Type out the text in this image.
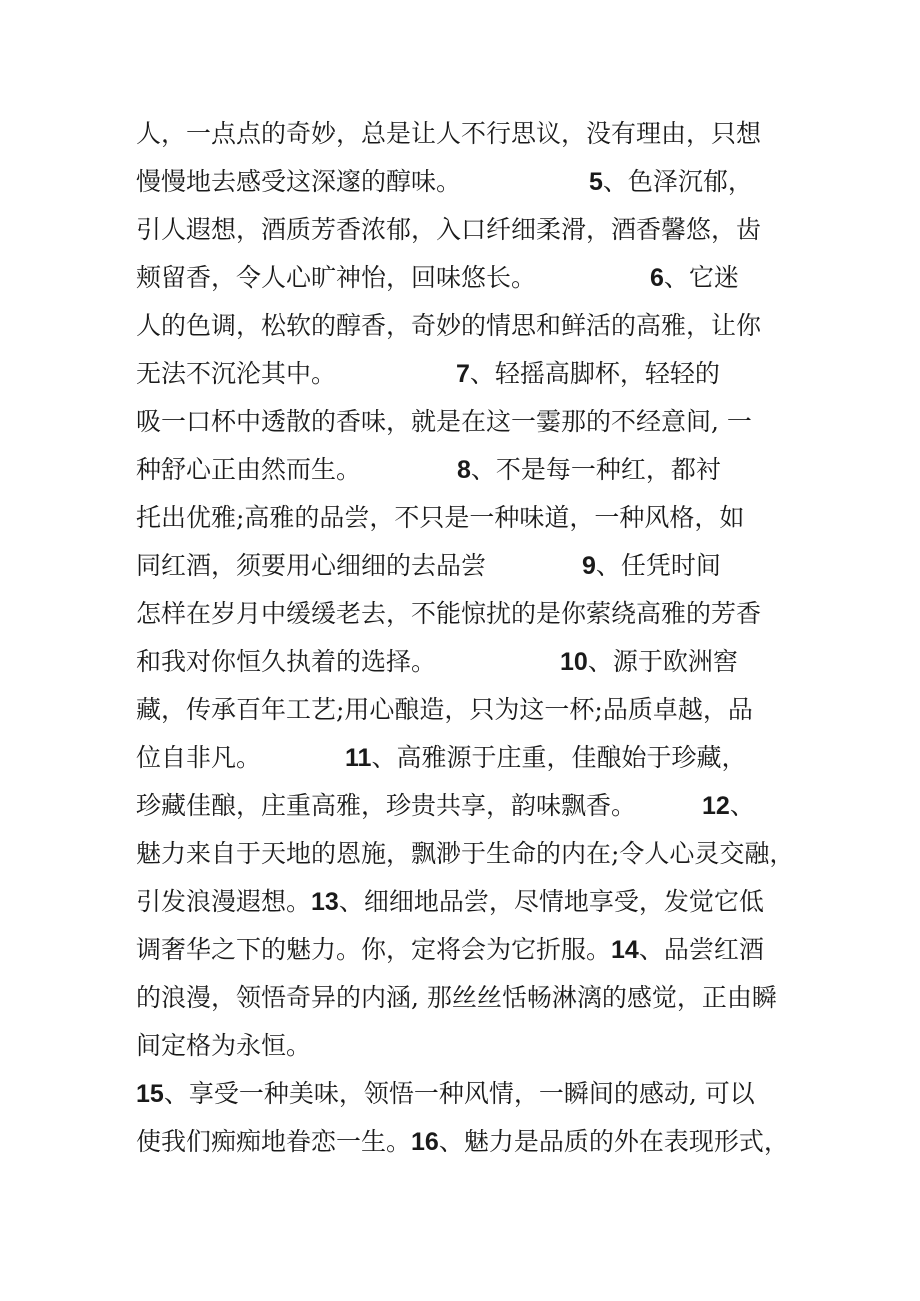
人，一点点的奇妙，总是让人不行思议，没有理由，只想
慢慢地去感受这深邃的醇味。	5、色泽沉郁，
引人遐想，酒质芳香浓郁，入口纤细柔滑，酒香馨悠，齿
颊留香，令人心旷神怡，回味悠长。	6、它迷
人的色调，松软的醇香，奇妙的情思和鲜活的高雅，让你
无法不沉沦其中。	7、轻摇高脚杯，轻轻的
吸一口杯中透散的香味，就是在这一霎那的不经意间, 一
种舒心正由然而生。	8、不是每一种红，都衬
托出优雅;高雅的品尝，不只是一种味道，一种风格，如
同红酒，须要用心细细的去品尝	9、任凭时间
怎样在岁月中缓缓老去，不能惊扰的是你萦绕高雅的芳香
和我对你恒久执着的选择。	10、源于欧洲窖
藏，传承百年工艺;用心酿造，只为这一杯;品质卓越，品
位自非凡。	11、高雅源于庄重，佳酿始于珍藏，
珍藏佳酿，庄重高雅，珍贵共享，韵味飘香。	12、
魅力来自于天地的恩施，飘渺于生命的内在;令人心灵交融，
引发浪漫遐想。13、细细地品尝，尽情地享受，发觉它低
调奢华之下的魅力。你，定将会为它折服。14、品尝红酒
的浪漫，领悟奇异的内涵, 那丝丝恬畅淋漓的感觉，正由瞬
间定格为永恒。
15、享受一种美味，领悟一种风情，一瞬间的感动, 可以
使我们痴痴地眷恋一生。16、魅力是品质的外在表现形式，
